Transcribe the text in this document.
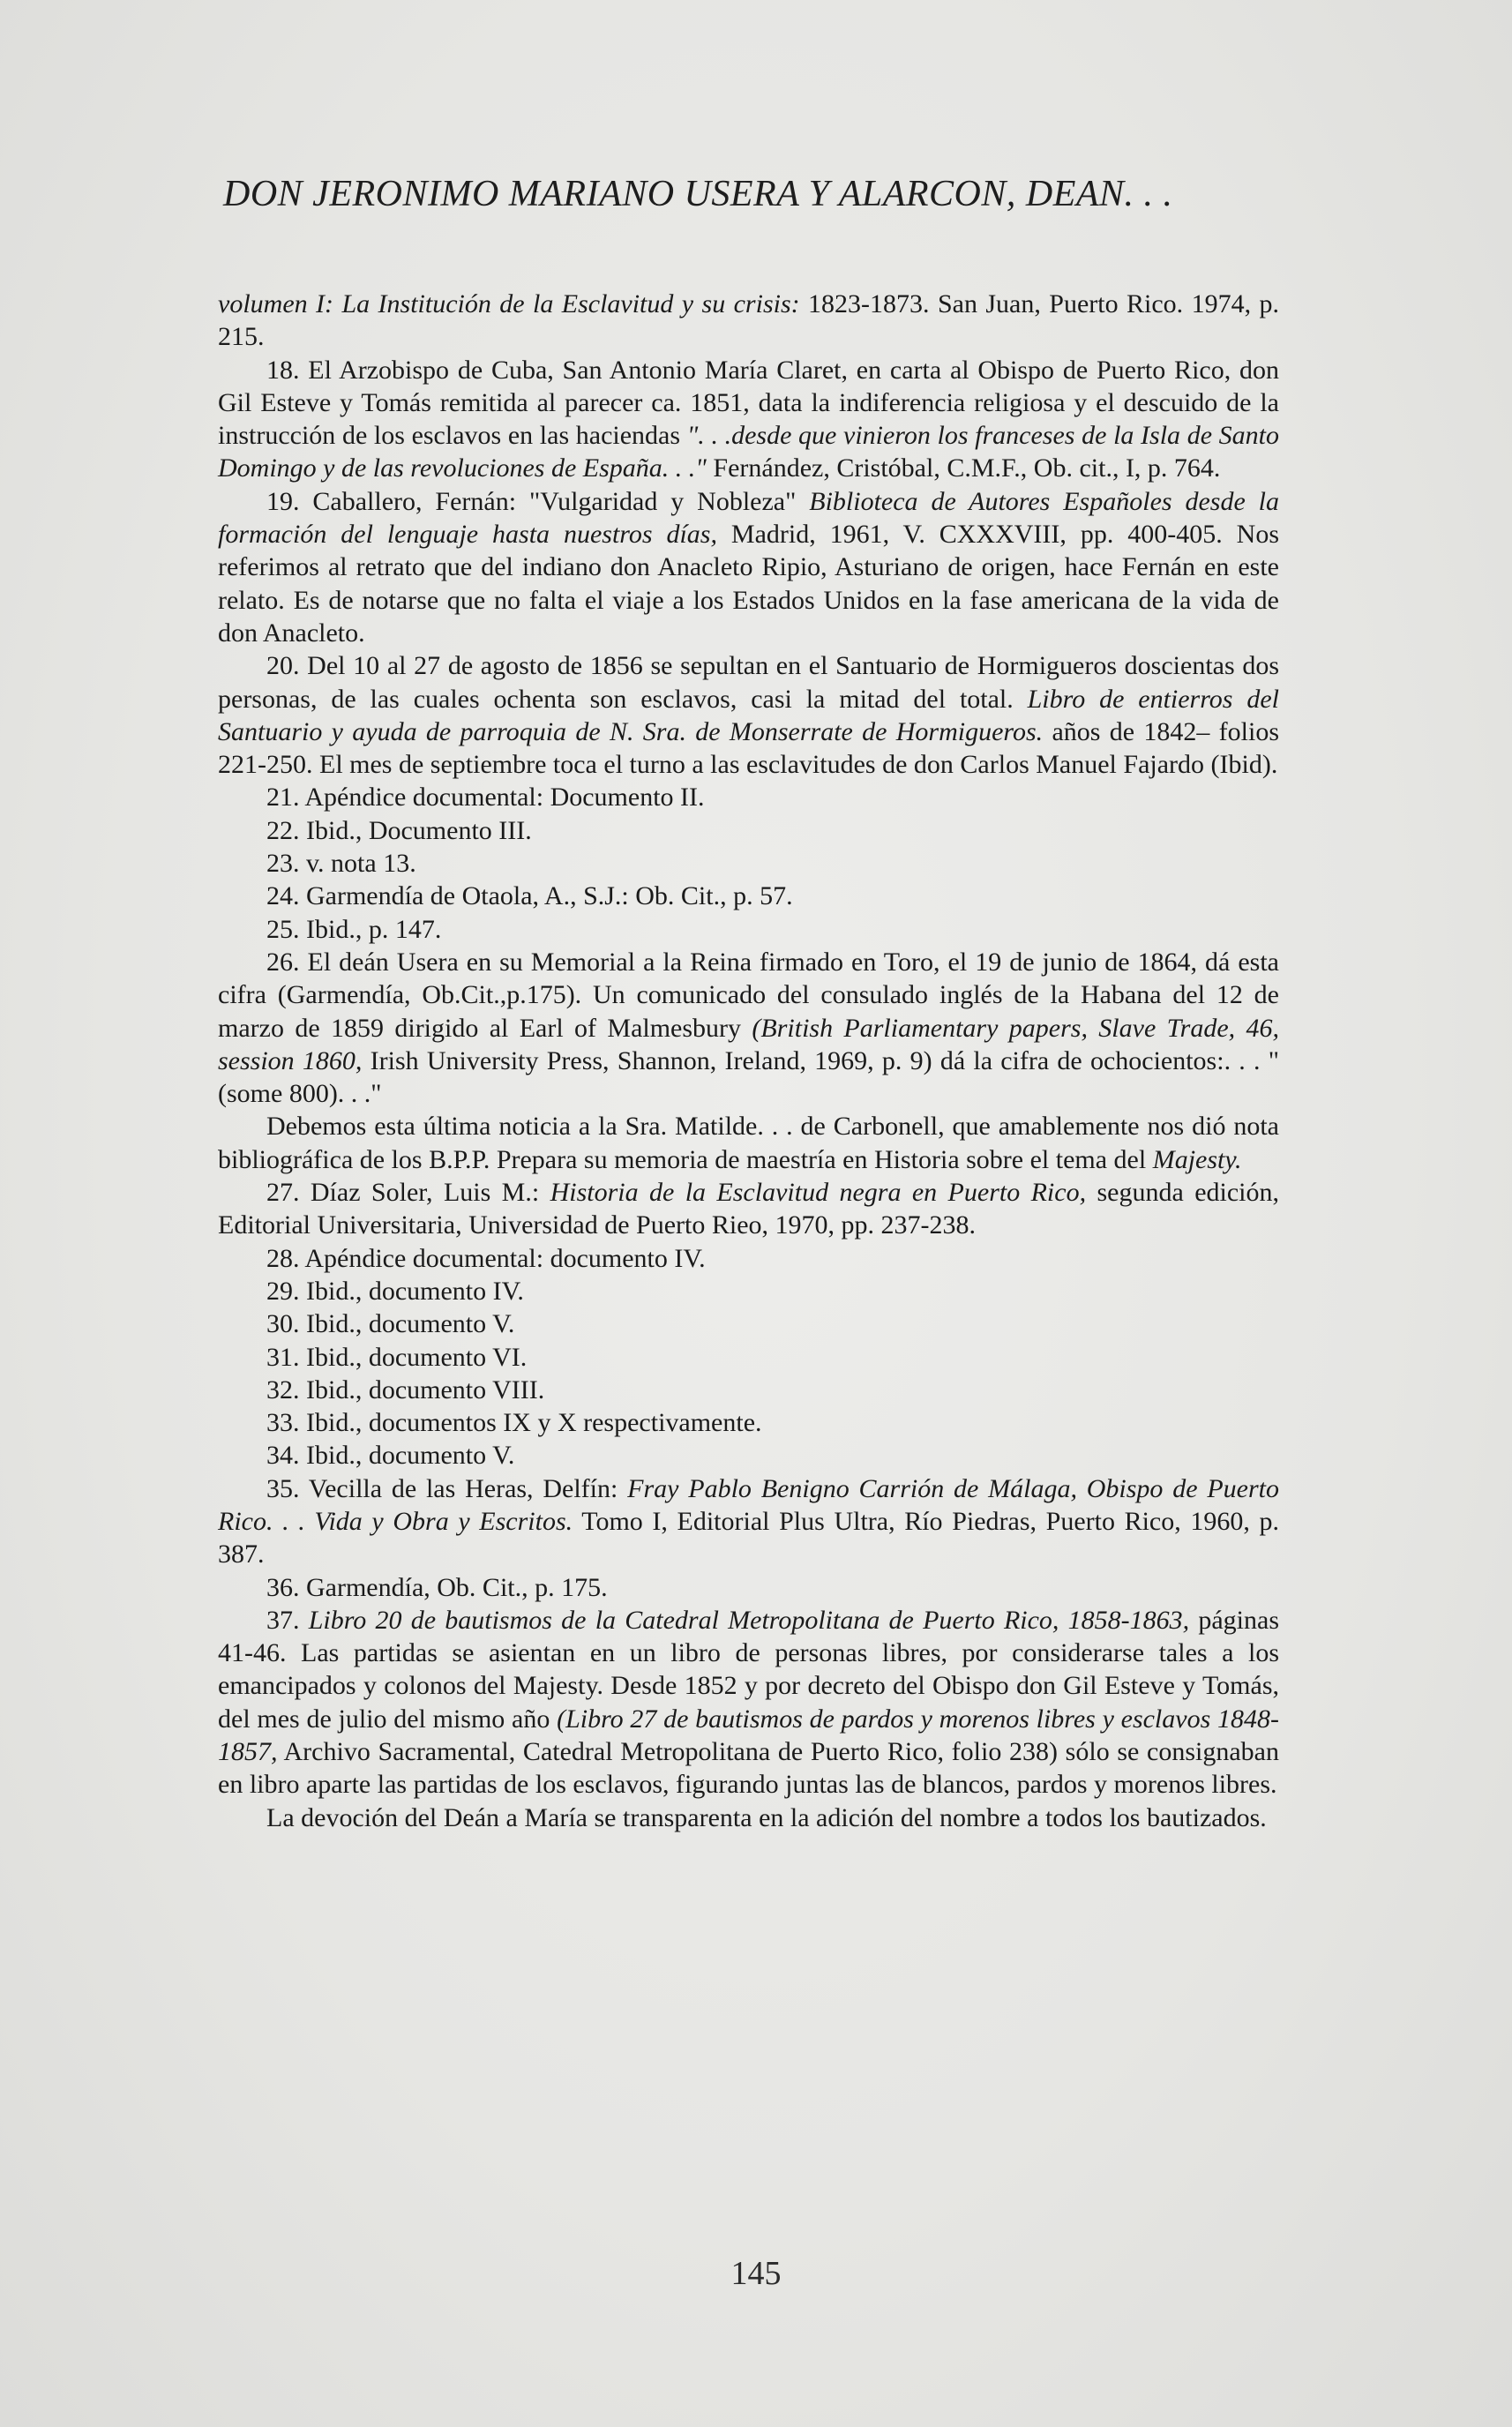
DON JERONIMO MARIANO USERA Y ALARCON, DEAN. . .

volumen I: La Institución de la Esclavitud y su crisis: 1823-1873. San Juan, Puerto Rico. 1974, p. 215.

18. El Arzobispo de Cuba, San Antonio María Claret, en carta al Obispo de Puerto Rico, don Gil Esteve y Tomás remitida al parecer ca. 1851, data la indiferencia religiosa y el descuido de la instrucción de los esclavos en las haciendas ". . .desde que vinieron los franceses de la Isla de Santo Domingo y de las revoluciones de España. . ." Fernández, Cristóbal, C.M.F., Ob. cit., I, p. 764.

19. Caballero, Fernán: "Vulgaridad y Nobleza" Biblioteca de Autores Españoles desde la formación del lenguaje hasta nuestros días, Madrid, 1961, V. CXXXVIII, pp. 400-405. Nos referimos al retrato que del indiano don Anacleto Ripio, Asturiano de origen, hace Fernán en este relato. Es de notarse que no falta el viaje a los Estados Unidos en la fase americana de la vida de don Anacleto.

20. Del 10 al 27 de agosto de 1856 se sepultan en el Santuario de Hormigueros doscientas dos personas, de las cuales ochenta son esclavos, casi la mitad del total. Libro de entierros del Santuario y ayuda de parroquia de N. Sra. de Monserrate de Hormigueros. años de 1842– folios 221-250. El mes de septiembre toca el turno a las esclavitudes de don Carlos Manuel Fajardo (Ibid).

21. Apéndice documental: Documento II.

22. Ibid., Documento III.

23. v. nota 13.

24. Garmendía de Otaola, A., S.J.: Ob. Cit., p. 57.

25. Ibid., p. 147.

26. El deán Usera en su Memorial a la Reina firmado en Toro, el 19 de junio de 1864, dá esta cifra (Garmendía, Ob.Cit.,p.175). Un comunicado del consulado inglés de la Habana del 12 de marzo de 1859 dirigido al Earl of Malmesbury (British Parliamentary papers, Slave Trade, 46, session 1860, Irish University Press, Shannon, Ireland, 1969, p. 9) dá la cifra de ochocientos:. . . "(some 800). . ."

Debemos esta última noticia a la Sra. Matilde. . . de Carbonell, que amablemente nos dió nota bibliográfica de los B.P.P. Prepara su memoria de maestría en Historia sobre el tema del Majesty.

27. Díaz Soler, Luis M.: Historia de la Esclavitud negra en Puerto Rico, segunda edición, Editorial Universitaria, Universidad de Puerto Rieo, 1970, pp. 237-238.

28. Apéndice documental: documento IV.

29. Ibid., documento IV.

30. Ibid., documento V.

31. Ibid., documento VI.

32. Ibid., documento VIII.

33. Ibid., documentos IX y X respectivamente.

34. Ibid., documento V.

35. Vecilla de las Heras, Delfín: Fray Pablo Benigno Carrión de Málaga, Obispo de Puerto Rico. . . Vida y Obra y Escritos. Tomo I, Editorial Plus Ultra, Río Piedras, Puerto Rico, 1960, p. 387.

36. Garmendía, Ob. Cit., p. 175.

37. Libro 20 de bautismos de la Catedral Metropolitana de Puerto Rico, 1858-1863, páginas 41-46. Las partidas se asientan en un libro de personas libres, por considerarse tales a los emancipados y colonos del Majesty. Desde 1852 y por decreto del Obispo don Gil Esteve y Tomás, del mes de julio del mismo año (Libro 27 de bautismos de pardos y morenos libres y esclavos 1848-1857, Archivo Sacramental, Catedral Metropolitana de Puerto Rico, folio 238) sólo se consignaban en libro aparte las partidas de los esclavos, figurando juntas las de blancos, pardos y morenos libres.

La devoción del Deán a María se transparenta en la adición del nombre a todos los bautizados.

145
